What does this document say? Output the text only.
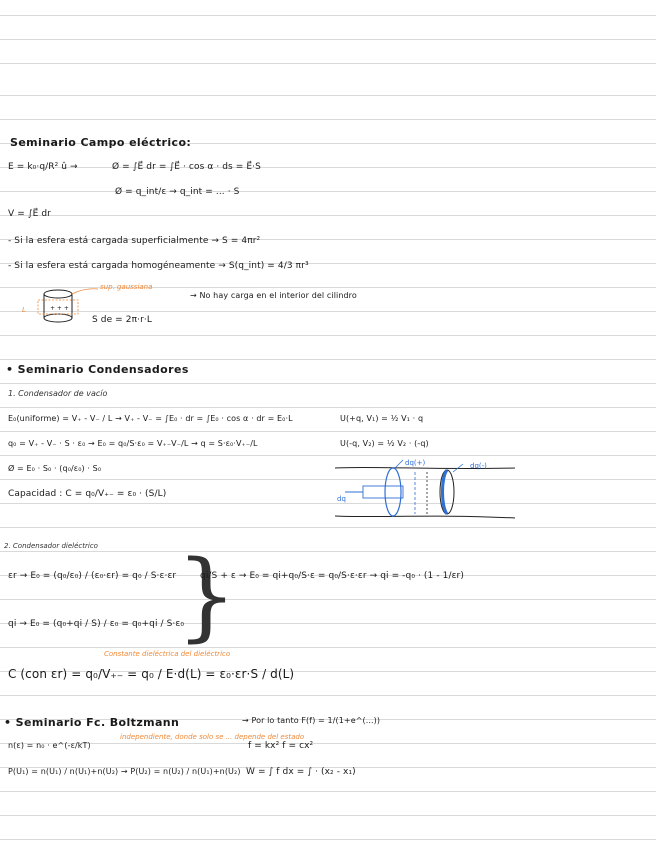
Seminario Campo eléctrico:
E = k₀·q/R² û →	Ø = ∫E⃗ dr = ∫E⃗ · cos α · ds = E⃗·S
Ø = q_int/ε → q_int = ... · S
V = ∫E⃗ dr
- Si la esfera está cargada superficialmente → S = 4πr²
- Si la esfera está cargada homogéneamente → S(q_int) = 4/3 πr³
+ + +
L
sup. gaussiana
→ No hay carga en el interior del cilindro
S de = 2π·r·L
• Seminario Condensadores
1. Condensador de vacío
E₀(uniforme) = V₊ - V₋ / L → V₊ - V₋ = ∫E₀ · dr = ∫E₀ · cos α · dr = E₀·L	U(+q, V₁) = ½ V₁ · q
q₀ = V₊ - V₋ · S · ε₀ → E₀ = q₀/S·ε₀ = V₊₋V₋/L → q = S·ε₀·V₊₋/L	U(-q, V₂) = ½ V₂ · (-q)
Ø = E₀ · S₀ · (q₀/ε₀) · S₀
Capacidad : C = q₀/V₊₋ = ε₀ · (S/L)
dq(+)	dq(-)
dq
2. Condensador dieléctrico
εr → E₀ = (q₀/ε₀) / (ε₀·εr) = q₀ / S·ε·εr
qi → E₀ = (q₀+qi / S) / ε₀ = q₀+qi / S·ε₀
}
qi/S + ε → E₀ = qi+q₀/S·ε = q₀/S·ε·εr → qi = -q₀ · (1 - 1/εr)
Constante dieléctrica del dieléctrico
C (con εr) = q₀/V₊₋ = q₀ / E·d(L) = ε₀·εr·S / d(L)
• Seminario Fc. Boltzmann	→ Por lo tanto F(f) = 1/(1+e^(...))
n(ε) = n₀ · e^(-ε/kT)
independiente, donde solo se ... depende del estado
f = kx² f = cx²
P(U₁) = n(U₁) / n(U₁)+n(U₂) → P(U₂) = n(U₂) / n(U₁)+n(U₂) W = ∫ f dx = ∫ · (x₂ - x₁)
